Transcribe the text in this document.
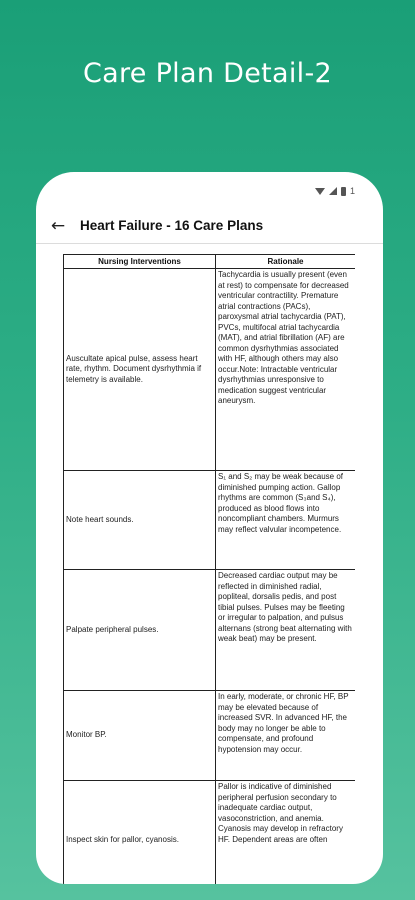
Care Plan Detail-2
1
←	Heart Failure - 16 Care Plans
Nursing Interventions	Rationale
Auscultate apical pulse, assess heart rate, rhythm. Document dysrhythmia if telemetry is available.	Tachycardia is usually present (even at rest) to compensate for decreased ventricular contractility. Premature atrial contractions (PACs), paroxysmal atrial tachycardia (PAT), PVCs, multifocal atrial tachycardia (MAT), and atrial fibrillation (AF) are common dysrhythmias associated with HF, although others may also occur.Note: Intractable ventricular dysrhythmias unresponsive to medication suggest ventricular aneurysm.
Note heart sounds.	S₁ and S₂ may be weak because of diminished pumping action. Gallop rhythms are common (S₃and S₄), produced as blood flows into noncompliant chambers. Murmurs may reflect valvular incompetence.
Palpate peripheral pulses.	Decreased cardiac output may be reflected in diminished radial, popliteal, dorsalis pedis, and post tibial pulses. Pulses may be fleeting or irregular to palpation, and pulsus alternans (strong beat alternating with weak beat) may be present.
Monitor BP.	In early, moderate, or chronic HF, BP may be elevated because of increased SVR. In advanced HF, the body may no longer be able to compensate, and profound hypotension may occur.
Inspect skin for pallor, cyanosis.	Pallor is indicative of diminished peripheral perfusion secondary to inadequate cardiac output, vasoconstriction, and anemia. Cyanosis may develop in refractory HF. Dependent areas are often
